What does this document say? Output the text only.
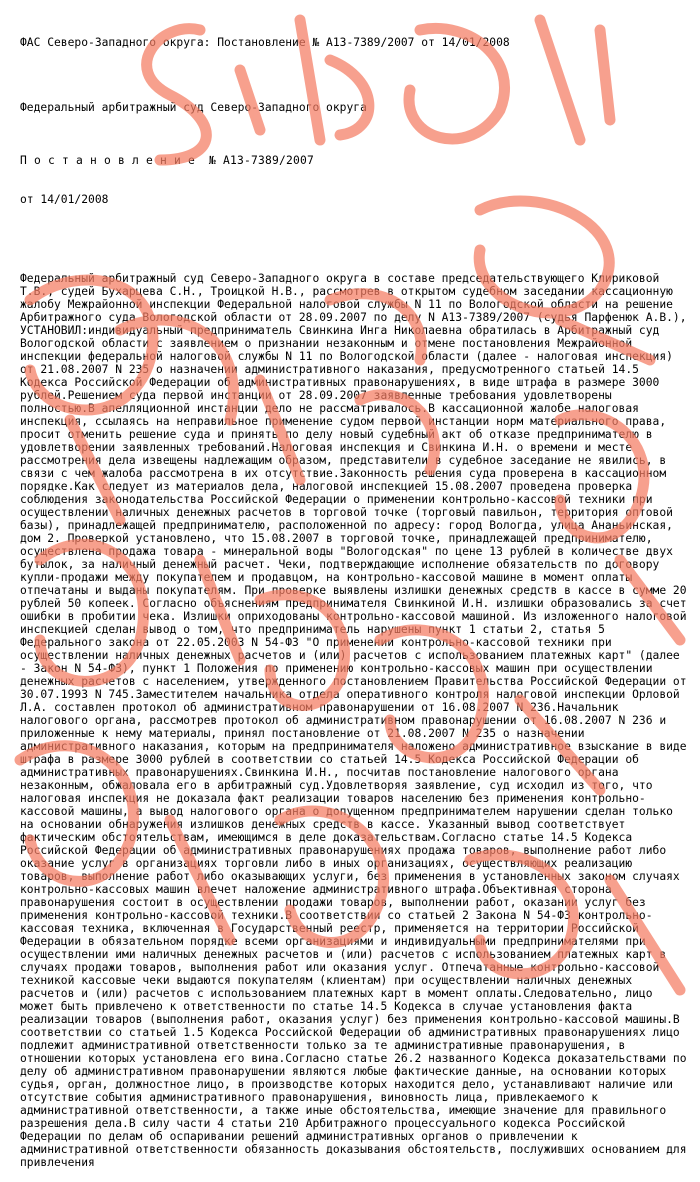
ФАС Северо-Западного округа: Постановление № А13-7389/2007 от 14/01/2008

Федеральный арбитражный суд Северо-Западного округа

П о с т а н о в л е н и е  № А13-7389/2007

от 14/01/2008

Федеральный арбитражный суд Северо-Западного округа в составе председательствующего Клириковой Т.В., судей Бухарцева С.Н., Троицкой Н.В., рассмотрев в открытом судебном заседании кассационную жалобу Межрайонной инспекции Федеральной налоговой службы N 11 по Вологодской области на решение Арбитражного суда Вологодской области от 28.09.2007 по делу N А13-7389/2007 (судья Парфенюк А.В.), УСТАНОВИЛ:индивидуальный предприниматель Свинкина Инга Николаевна обратилась в Арбитражный суд Вологодской области с заявлением о признании незаконным и отмене постановления Межрайонной инспекции федеральной налоговой службы N 11 по Вологодской области (далее - налоговая инспекция) от 21.08.2007 N 235 о назначении административного наказания, предусмотренного статьей 14.5 Кодекса Российской Федерации об административных правонарушениях, в виде штрафа в размере 3000 рублей.Решением суда первой инстанции от 28.09.2007 заявленные требования удовлетворены полностью.В апелляционной инстанции дело не рассматривалось.В кассационной жалобе налоговая инспекция, ссылаясь на неправильное применение судом первой инстанции норм материального права, просит отменить решение суда и принять по делу новый судебный акт об отказе предпринимателю в удовлетворении заявленных требований.Налоговая инспекция и Свинкина И.Н. о времени и месте рассмотрения дела извещены надлежащим образом, представители в судебное заседание не явились, в связи с чем жалоба рассмотрена в их отсутствие.Законность решения суда проверена в кассационном порядке.Как следует из материалов дела, налоговой инспекцией 15.08.2007 проведена проверка соблюдения законодательства Российской Федерации о применении контрольно-кассовой техники при осуществлении наличных денежных расчетов в торговой точке (торговый павильон, территория оптовой базы), принадлежащей предпринимателю, расположенной по адресу: город Вологда, улица Ананьинская, дом 2. Проверкой установлено, что 15.08.2007 в торговой точке, принадлежащей предпринимателю, осуществлена продажа товара - минеральной воды "Вологодская" по цене 13 рублей в количестве двух бутылок, за наличный денежный расчет. Чеки, подтверждающие исполнение обязательств по договору купли-продажи между покупателем и продавцом, на контрольно-кассовой машине в момент оплаты отпечатаны и выданы покупателям. При проверке выявлены излишки денежных средств в кассе в сумме 20 рублей 50 копеек. Согласно объяснениям предпринимателя Свинкиной И.Н. излишки образовались за счет ошибки в пробитии чека. Излишки оприходованы контрольно-кассовой машиной. Из изложенного налоговой инспекцией сделан вывод о том, что предприниматель нарушены пункт 1 статьи 2, статья 5 Федерального закона от 22.05.2003 N 54-ФЗ "О применении контрольно-кассовой техники при осуществлении наличных денежных расчетов и (или) расчетов с использованием платежных карт" (далее - Закон N 54-ФЗ), пункт 1 Положения по применению контрольно-кассовых машин при осуществлении денежных расчетов с населением, утвержденного постановлением Правительства Российской Федерации от 30.07.1993 N 745.Заместителем начальника отдела оперативного контроля налоговой инспекции Орловой Л.А. составлен протокол об административном правонарушении от 16.08.2007 N 236.Начальник налогового органа, рассмотрев протокол об административном правонарушении от 16.08.2007 N 236 и приложенные к нему материалы, принял постановление от 21.08.2007 N 235 о назначении административного наказания, которым на предпринимателя наложено административное взыскание в виде штрафа в размере 3000 рублей в соответствии со статьей 14.5 Кодекса Российской Федерации об административных правонарушениях.Свинкина И.Н., посчитав постановление налогового органа незаконным, обжаловала его в арбитражный суд.Удовлетворяя заявление, суд исходил из того, что налоговая инспекция не доказала факт реализации товаров населению без применения контрольно-кассовой машины, а вывод налогового органа о допущенном предпринимателем нарушении сделан только на основании обнаружения излишков денежных средств в кассе. Указанный вывод соответствует фактическим обстоятельствам, имеющимся в деле доказательствам.Согласно статье 14.5 Кодекса Российской Федерации об административных правонарушениях продажа товаров, выполнение работ либо оказание услуг в организациях торговли либо в иных организациях, осуществляющих реализацию товаров, выполнение работ либо оказывающих услуги, без применения в установленных законом случаях контрольно-кассовых машин влечет наложение административного штрафа.Объективная сторона правонарушения состоит в осуществлении продажи товаров, выполнении работ, оказании услуг без применения контрольно-кассовой техники.В соответствии со статьей 2 Закона N 54-ФЗ контрольно-кассовая техника, включенная в Государственный реестр, применяется на территории Российской Федерации в обязательном порядке всеми организациями и индивидуальными предпринимателями при осуществлении ими наличных денежных расчетов и (или) расчетов с использованием платежных карт в случаях продажи товаров, выполнения работ или оказания услуг. Отпечатанные контрольно-кассовой техникой кассовые чеки выдаются покупателям (клиентам) при осуществлении наличных денежных расчетов и (или) расчетов с использованием платежных карт в момент оплаты.Следовательно, лицо может быть привлечено к ответственности по статье 14.5 Кодекса в случае установления факта реализации товаров (выполнения работ, оказания услуг) без применения контрольно-кассовой машины.В соответствии со статьей 1.5 Кодекса Российской Федерации об административных правонарушениях лицо подлежит административной ответственности только за те административные правонарушения, в отношении которых установлена его вина.Согласно статье 26.2 названного Кодекса доказательствами по делу об административном правонарушении являются любые фактические данные, на основании которых судья, орган, должностное лицо, в производстве которых находится дело, устанавливают наличие или отсутствие события административного правонарушения, виновность лица, привлекаемого к административной ответственности, а также иные обстоятельства, имеющие значение для правильного разрешения дела.В силу части 4 статьи 210 Арбитражного процессуального кодекса Российской Федерации по делам об оспаривании решений административных органов о привлечении к административной ответственности обязанность доказывания обстоятельств, послуживших основанием для привлечения
